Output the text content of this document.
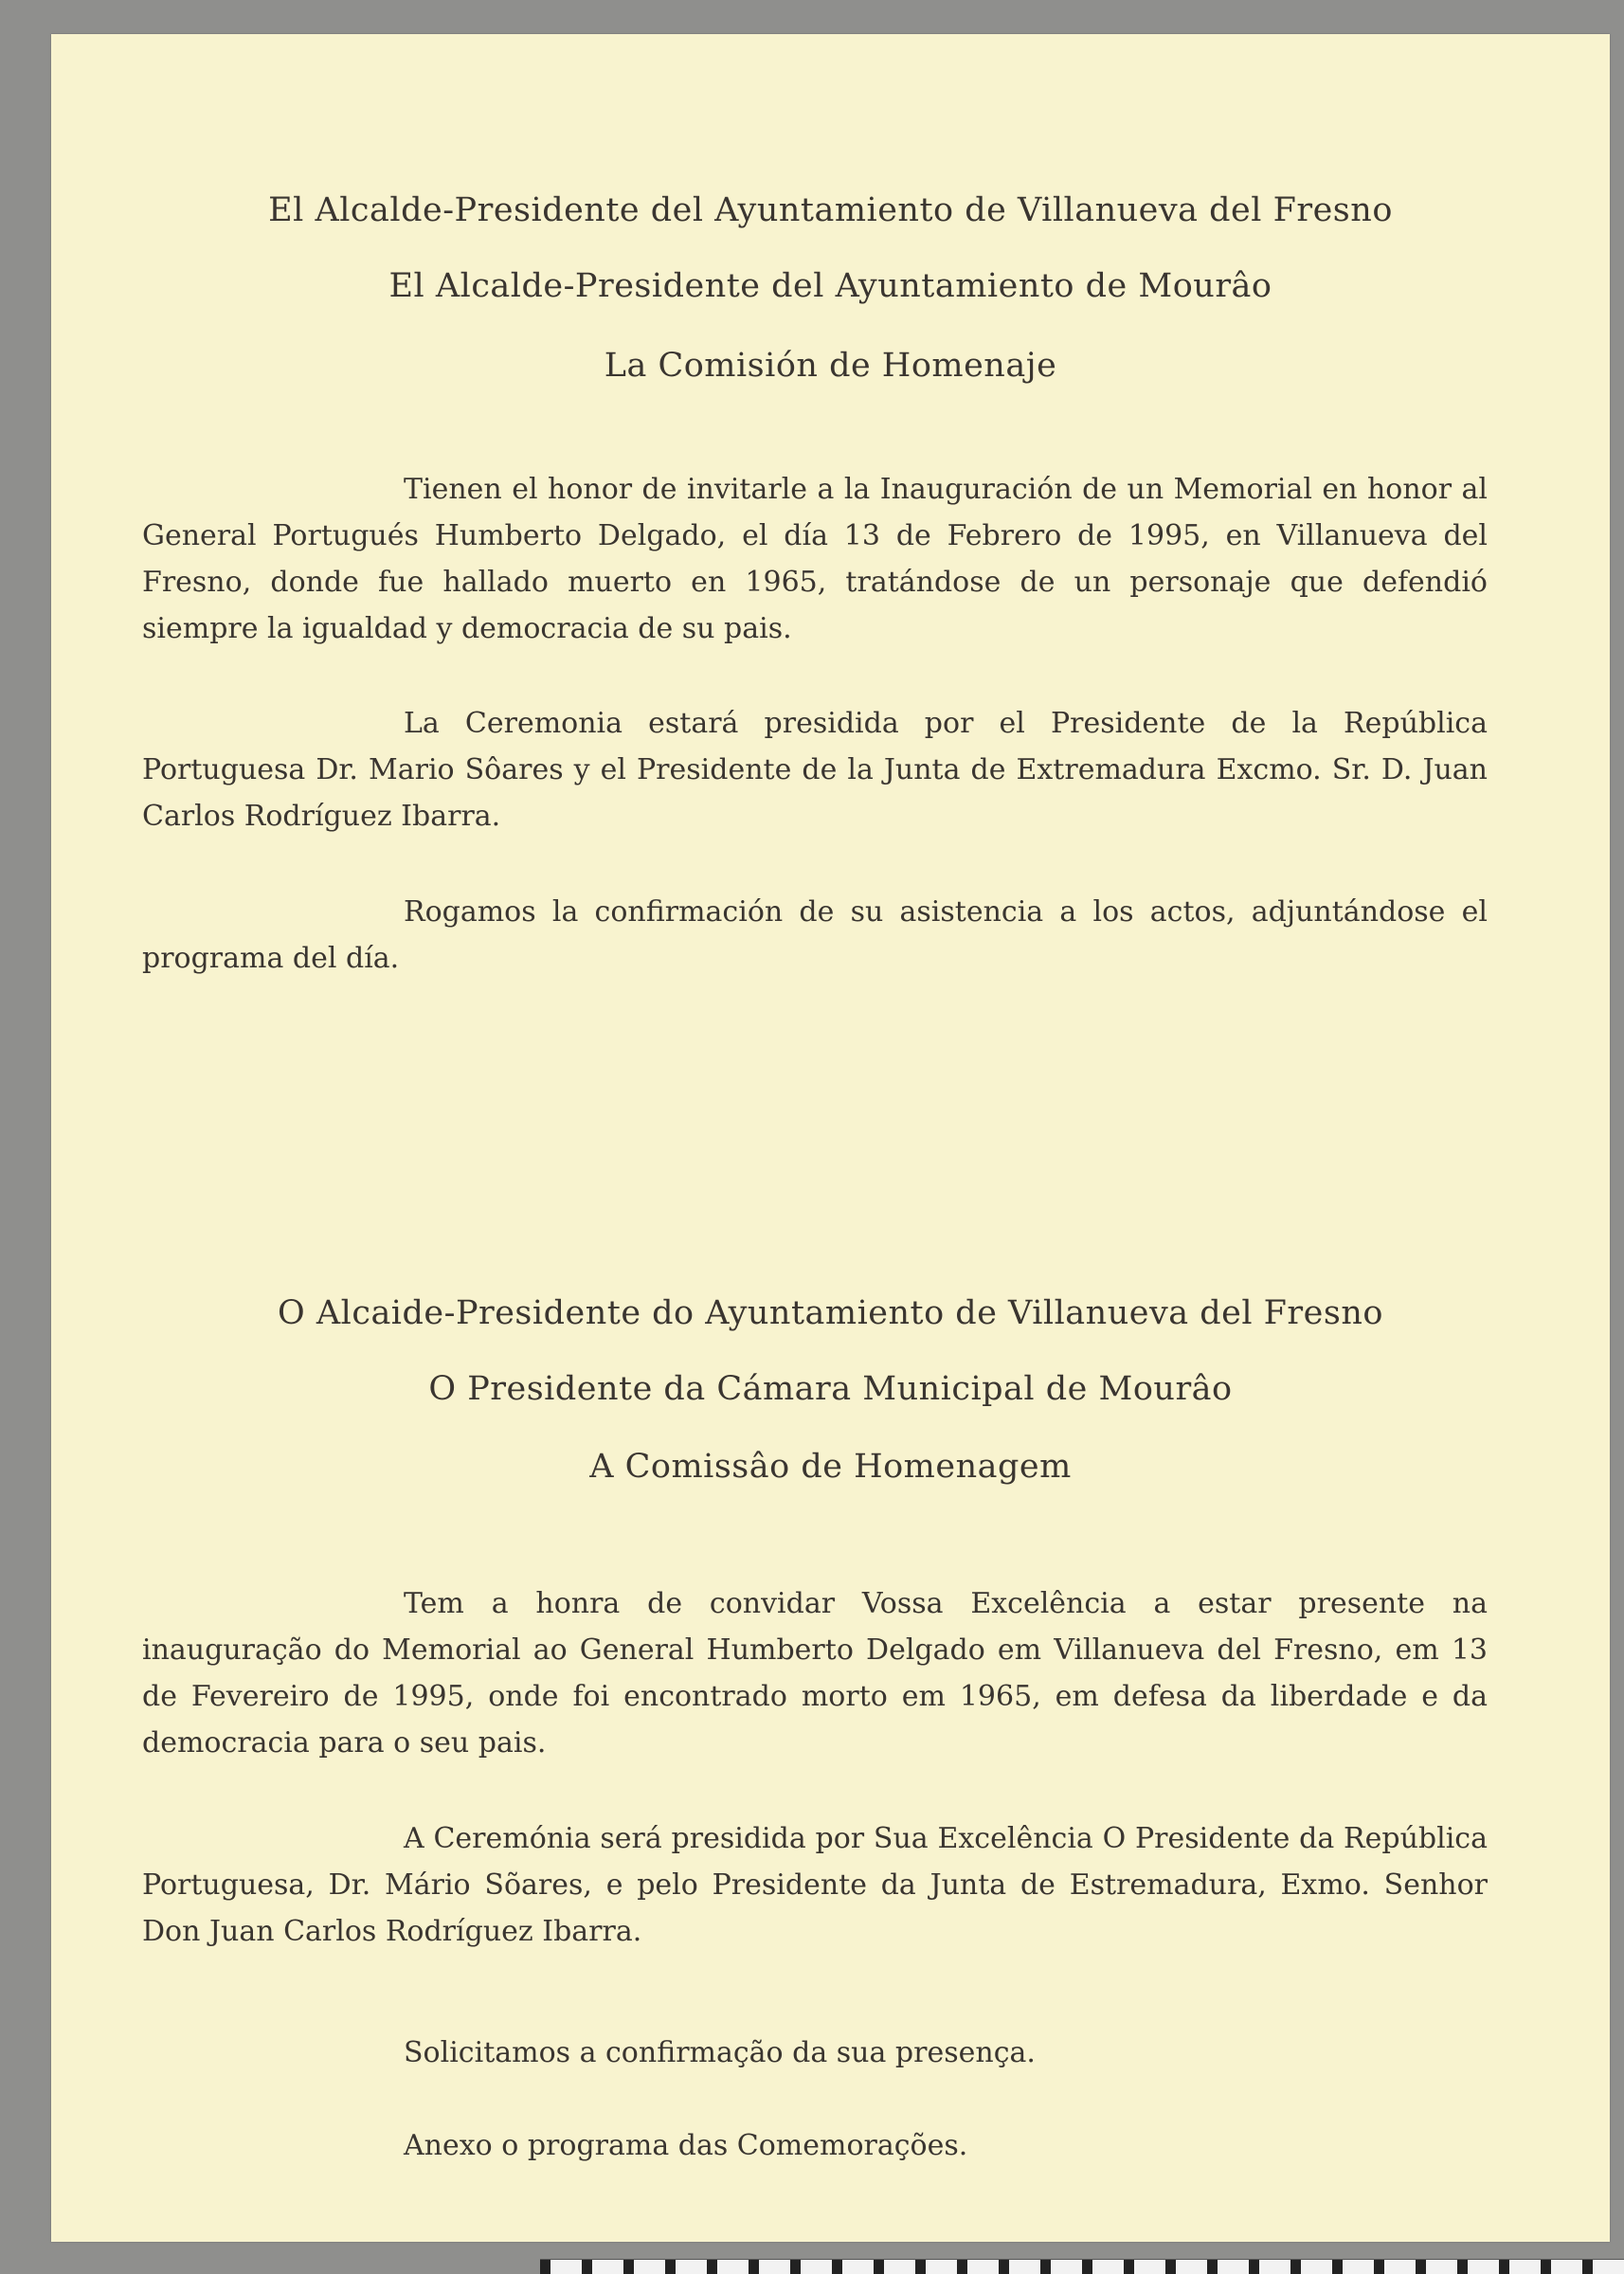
El Alcalde-Presidente del Ayuntamiento de Villanueva del Fresno
El Alcalde-Presidente del Ayuntamiento de Mourâo
La Comisión de Homenaje
Tienen el honor de invitarle a la Inauguración de un Memorial en honor al General Portugués Humberto Delgado, el día 13 de Febrero de 1995, en Villanueva del Fresno, donde fue hallado muerto en 1965, tratándose de un personaje que defendió siempre la igualdad y democracia de su pais.
La Ceremonia estará presidida por el Presidente de la República Portuguesa Dr. Mario Sôares y el Presidente de la Junta de Extremadura Excmo. Sr. D. Juan Carlos Rodríguez Ibarra.
Rogamos la confirmación de su asistencia a los actos, adjuntándose el programa del día.
O Alcaide-Presidente do Ayuntamiento de Villanueva del Fresno
O Presidente da Cámara Municipal de Mourâo
A Comissâo de Homenagem
Tem a honra de convidar Vossa Excelência a estar presente na inauguração do Memorial ao General Humberto Delgado em Villanueva del Fresno, em 13 de Fevereiro de 1995, onde foi encontrado morto em 1965, em defesa da liberdade e da democracia para o seu pais.
A Ceremónia será presidida por Sua Excelência O Presidente da República Portuguesa, Dr. Mário Sõares, e pelo Presidente da Junta de Estremadura, Exmo. Senhor Don Juan Carlos Rodríguez Ibarra.
Solicitamos a confirmação da sua presença.
Anexo o programa das Comemorações.
